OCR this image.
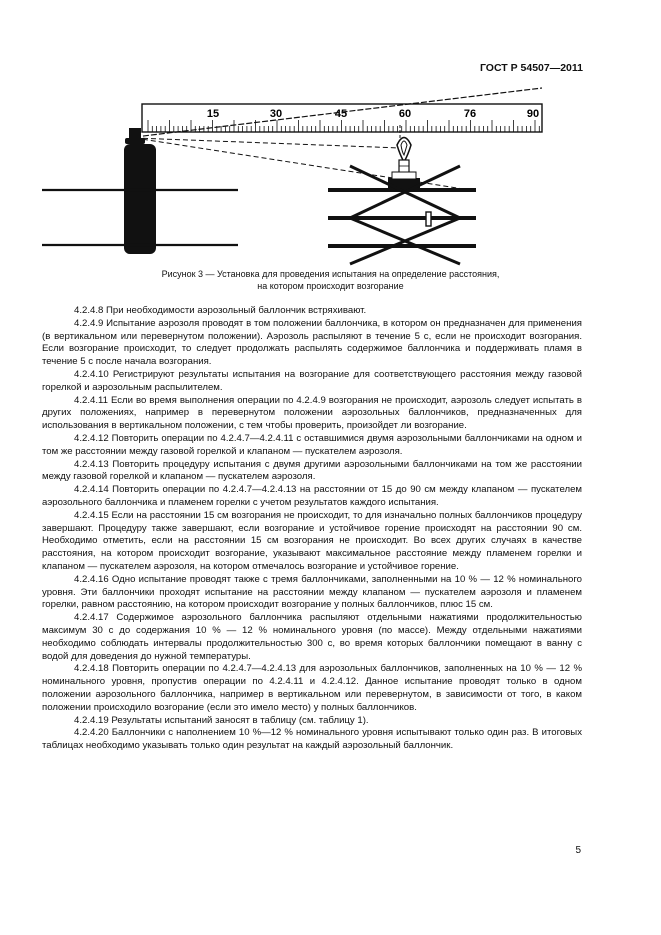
ГОСТ Р 54507—2011
15	30	45	60	76	90
Рисунок 3 — Установка для проведения испытания на определение расстояния,
на котором происходит возгорание

4.2.4.8 При необходимости аэрозольный баллончик встряхивают.

4.2.4.9 Испытание аэрозоля проводят в том положении баллончика, в котором он предназначен для применения (в вертикальном или перевернутом положении). Аэрозоль распыляют в течение 5 с, если не происходит возгорания. Если возгорание происходит, то следует продолжать распылять содержимое баллончика и поддерживать пламя в течение 5 с после начала возгорания.

4.2.4.10 Регистрируют результаты испытания на возгорание для соответствующего расстояния между газовой горелкой и аэрозольным распылителем.

4.2.4.11 Если во время выполнения операции по 4.2.4.9 возгорания не происходит, аэрозоль следует испытать в других положениях, например в перевернутом положении аэрозольных баллончиков, предназначенных для использования в вертикальном положении, с тем чтобы проверить, произойдет ли возгорание.

4.2.4.12 Повторить операции по 4.2.4.7—4.2.4.11 с оставшимися двумя аэрозольными баллончиками на одном и том же расстоянии между газовой горелкой и клапаном — пускателем аэрозоля.

4.2.4.13 Повторить процедуру испытания с двумя другими аэрозольными баллончиками на том же расстоянии между газовой горелкой и клапаном — пускателем аэрозоля.

4.2.4.14 Повторить операции по 4.2.4.7—4.2.4.13 на расстоянии от 15 до 90 см между клапаном — пускателем аэрозольного баллончика и пламенем горелки с учетом результатов каждого испытания.

4.2.4.15 Если на расстоянии 15 см возгорания не происходит, то для изначально полных баллончиков процедуру завершают. Процедуру также завершают, если возгорание и устойчивое горение происходят на расстоянии 90 см. Необходимо отметить, если на расстоянии 15 см возгорания не происходит. Во всех других случаях в качестве расстояния, на котором происходит возгорание, указывают максимальное расстояние между пламенем горелки и клапаном — пускателем аэрозоля, на котором отмечалось возгорание и устойчивое горение.

4.2.4.16 Одно испытание проводят также с тремя баллончиками, заполненными на 10 % — 12 % номинального уровня. Эти баллончики проходят испытание на расстоянии между клапаном — пускателем аэрозоля и пламенем горелки, равном расстоянию, на котором происходит возгорание у полных баллончиков, плюс 15 см.

4.2.4.17 Содержимое аэрозольного баллончика распыляют отдельными нажатиями продолжительностью максимум 30 с до содержания 10 % — 12 % номинального уровня (по массе). Между отдельными нажатиями необходимо соблюдать интервалы продолжительностью 300 с, во время которых баллончики помещают в ванну с водой для доведения до нужной температуры.

4.2.4.18 Повторить операции по 4.2.4.7—4.2.4.13 для аэрозольных баллончиков, заполненных на 10 % — 12 % номинального уровня, пропустив операции по 4.2.4.11 и 4.2.4.12. Данное испытание проводят только в одном положении аэрозольного баллончика, например в вертикальном или перевернутом, в зависимости от того, в каком положении происходило возгорание (если это имело место) у полных баллончиков.

4.2.4.19 Результаты испытаний заносят в таблицу (см. таблицу 1).

4.2.4.20 Баллончики с наполнением 10 %—12 % номинального уровня испытывают только один раз. В итоговых таблицах необходимо указывать только один результат на каждый аэрозольный баллончик.

5
